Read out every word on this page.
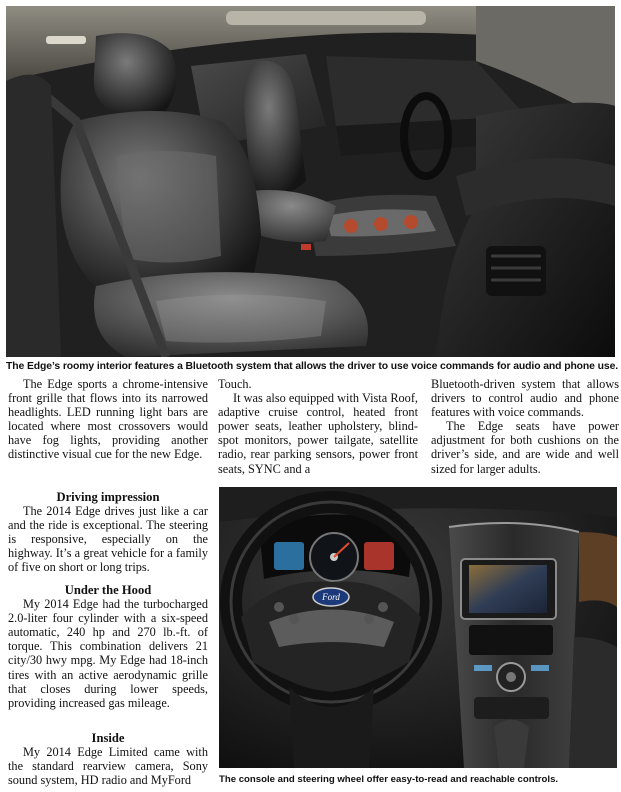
The Edge’s roomy interior features a Bluetooth system that allows the driver to use voice commands for audio and phone use.

The Edge sports a chrome-intensive front grille that flows into its narrowed headlights. LED running light bars are located where most crossovers would have fog lights, providing another distinctive visual cue for the new Edge.

Driving impression

The 2014 Edge drives just like a car and the ride is exceptional. The steering is responsive, especially on the highway. It’s a great vehicle for a family of five on short or long trips.

Under the Hood

My 2014 Edge had the turbocharged 2.0-liter four cylinder with a six-speed automatic, 240 hp and 270 lb.-ft. of torque. This combination delivers 21 city/30 hwy mpg. My Edge had 18-inch tires with an active aerodynamic grille that closes during lower speeds, providing increased gas mileage.

Inside

My 2014 Edge Limited came with the standard rearview camera, Sony sound system, HD radio and MyFord

Touch.

It was also equipped with Vista Roof, adaptive cruise control, heated front power seats, leather upholstery, blind-spot monitors, power tailgate, satellite radio, rear parking sensors, power front seats, SYNC and a

Bluetooth-driven system that allows drivers to control audio and phone features with voice commands.

The Edge seats have power adjustment for both cushions on the driver’s side, and are wide and well sized for larger adults.

Ford
The console and steering wheel offer easy-to-read and reachable controls.
